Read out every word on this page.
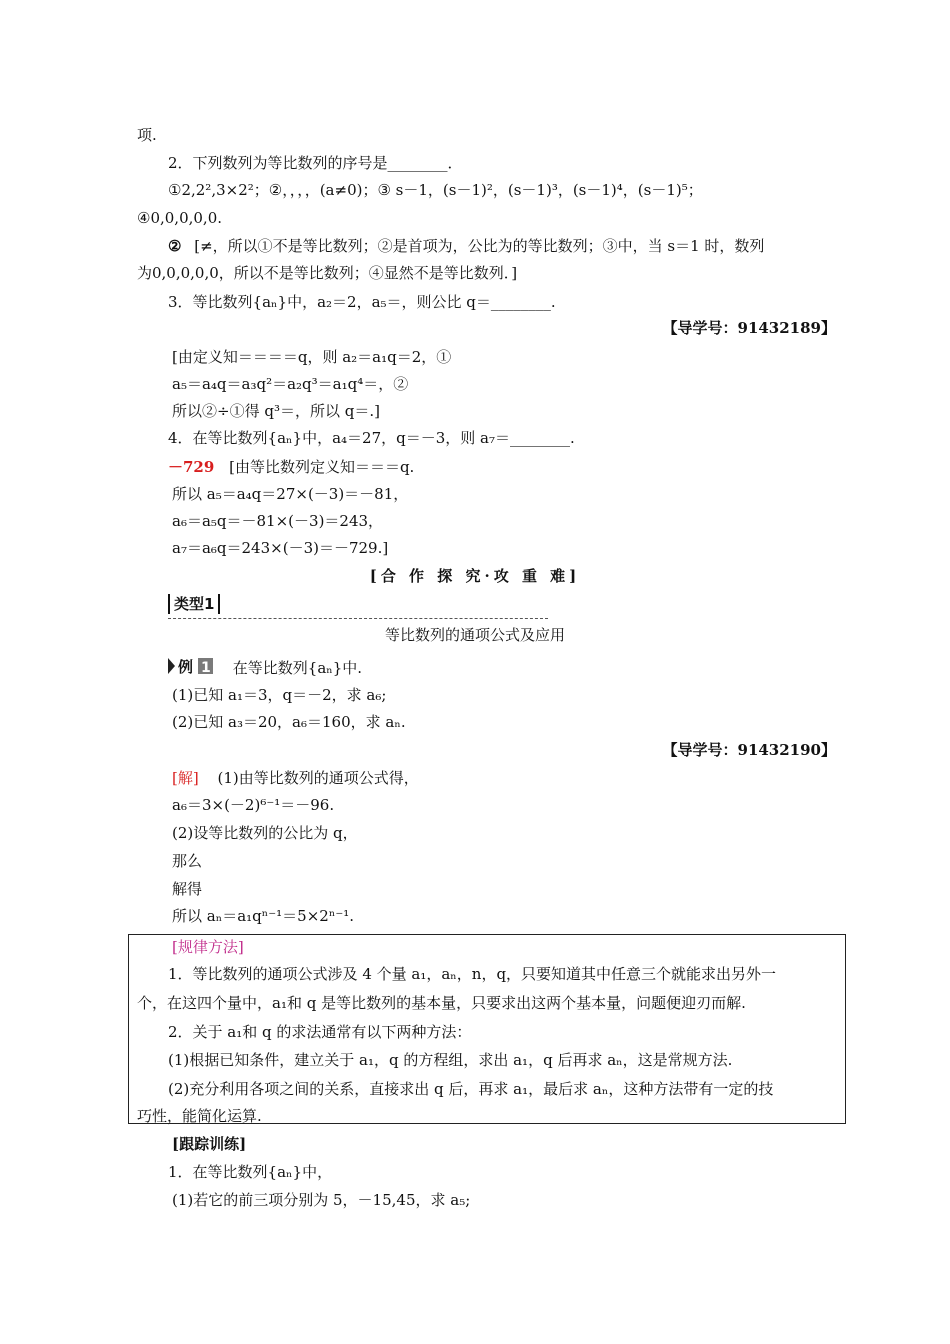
项.
2．下列数列为等比数列的序号是________．
①2,2²,3×2²；②，，，，(a≠0)；③ s－1，(s－1)²，(s－1)³，(s－1)⁴，(s－1)⁵；
④0,0,0,0,0.
② [≠，所以①不是等比数列；②是首项为，公比为的等比数列；③中，当 s＝1 时，数列
为0,0,0,0,0，所以不是等比数列；④显然不是等比数列．]
3．等比数列{aₙ}中，a₂＝2，a₅＝，则公比 q＝________.
【导学号：91432189】
[由定义知＝＝＝＝q，则 a₂＝a₁q＝2，①
a₅＝a₄q＝a₃q²＝a₂q³＝a₁q⁴＝，②
所以②÷①得 q³＝，所以 q＝.]
4．在等比数列{aₙ}中，a₄＝27，q＝－3，则 a₇＝________.
－729 [由等比数列定义知＝＝＝q.
所以 a₅＝a₄q＝27×(－3)＝－81，
a₆＝a₅q＝－81×(－3)＝243，
a₇＝a₆q＝243×(－3)＝－729.]
[合 作 探 究·攻 重 难]
类型1
等比数列的通项公式及应用
例 1 在等比数列{aₙ}中.
(1)已知 a₁＝3，q＝－2，求 a₆;
(2)已知 a₃＝20，a₆＝160，求 aₙ.
【导学号：91432190】
[解] (1)由等比数列的通项公式得，
a₆＝3×(－2)⁶⁻¹＝－96.
(2)设等比数列的公比为 q，
那么
解得
所以 aₙ＝a₁qⁿ⁻¹＝5×2ⁿ⁻¹.
[规律方法]
1．等比数列的通项公式涉及 4 个量 a₁，aₙ，n，q，只要知道其中任意三个就能求出另外一
个，在这四个量中，a₁和 q 是等比数列的基本量，只要求出这两个基本量，问题便迎刃而解.
2．关于 a₁和 q 的求法通常有以下两种方法：
(1)根据已知条件，建立关于 a₁，q 的方程组，求出 a₁，q 后再求 aₙ，这是常规方法.
(2)充分利用各项之间的关系，直接求出 q 后，再求 a₁，最后求 aₙ，这种方法带有一定的技
巧性，能简化运算.
[跟踪训练]
1．在等比数列{aₙ}中，
(1)若它的前三项分别为 5，－15,45，求 a₅;
